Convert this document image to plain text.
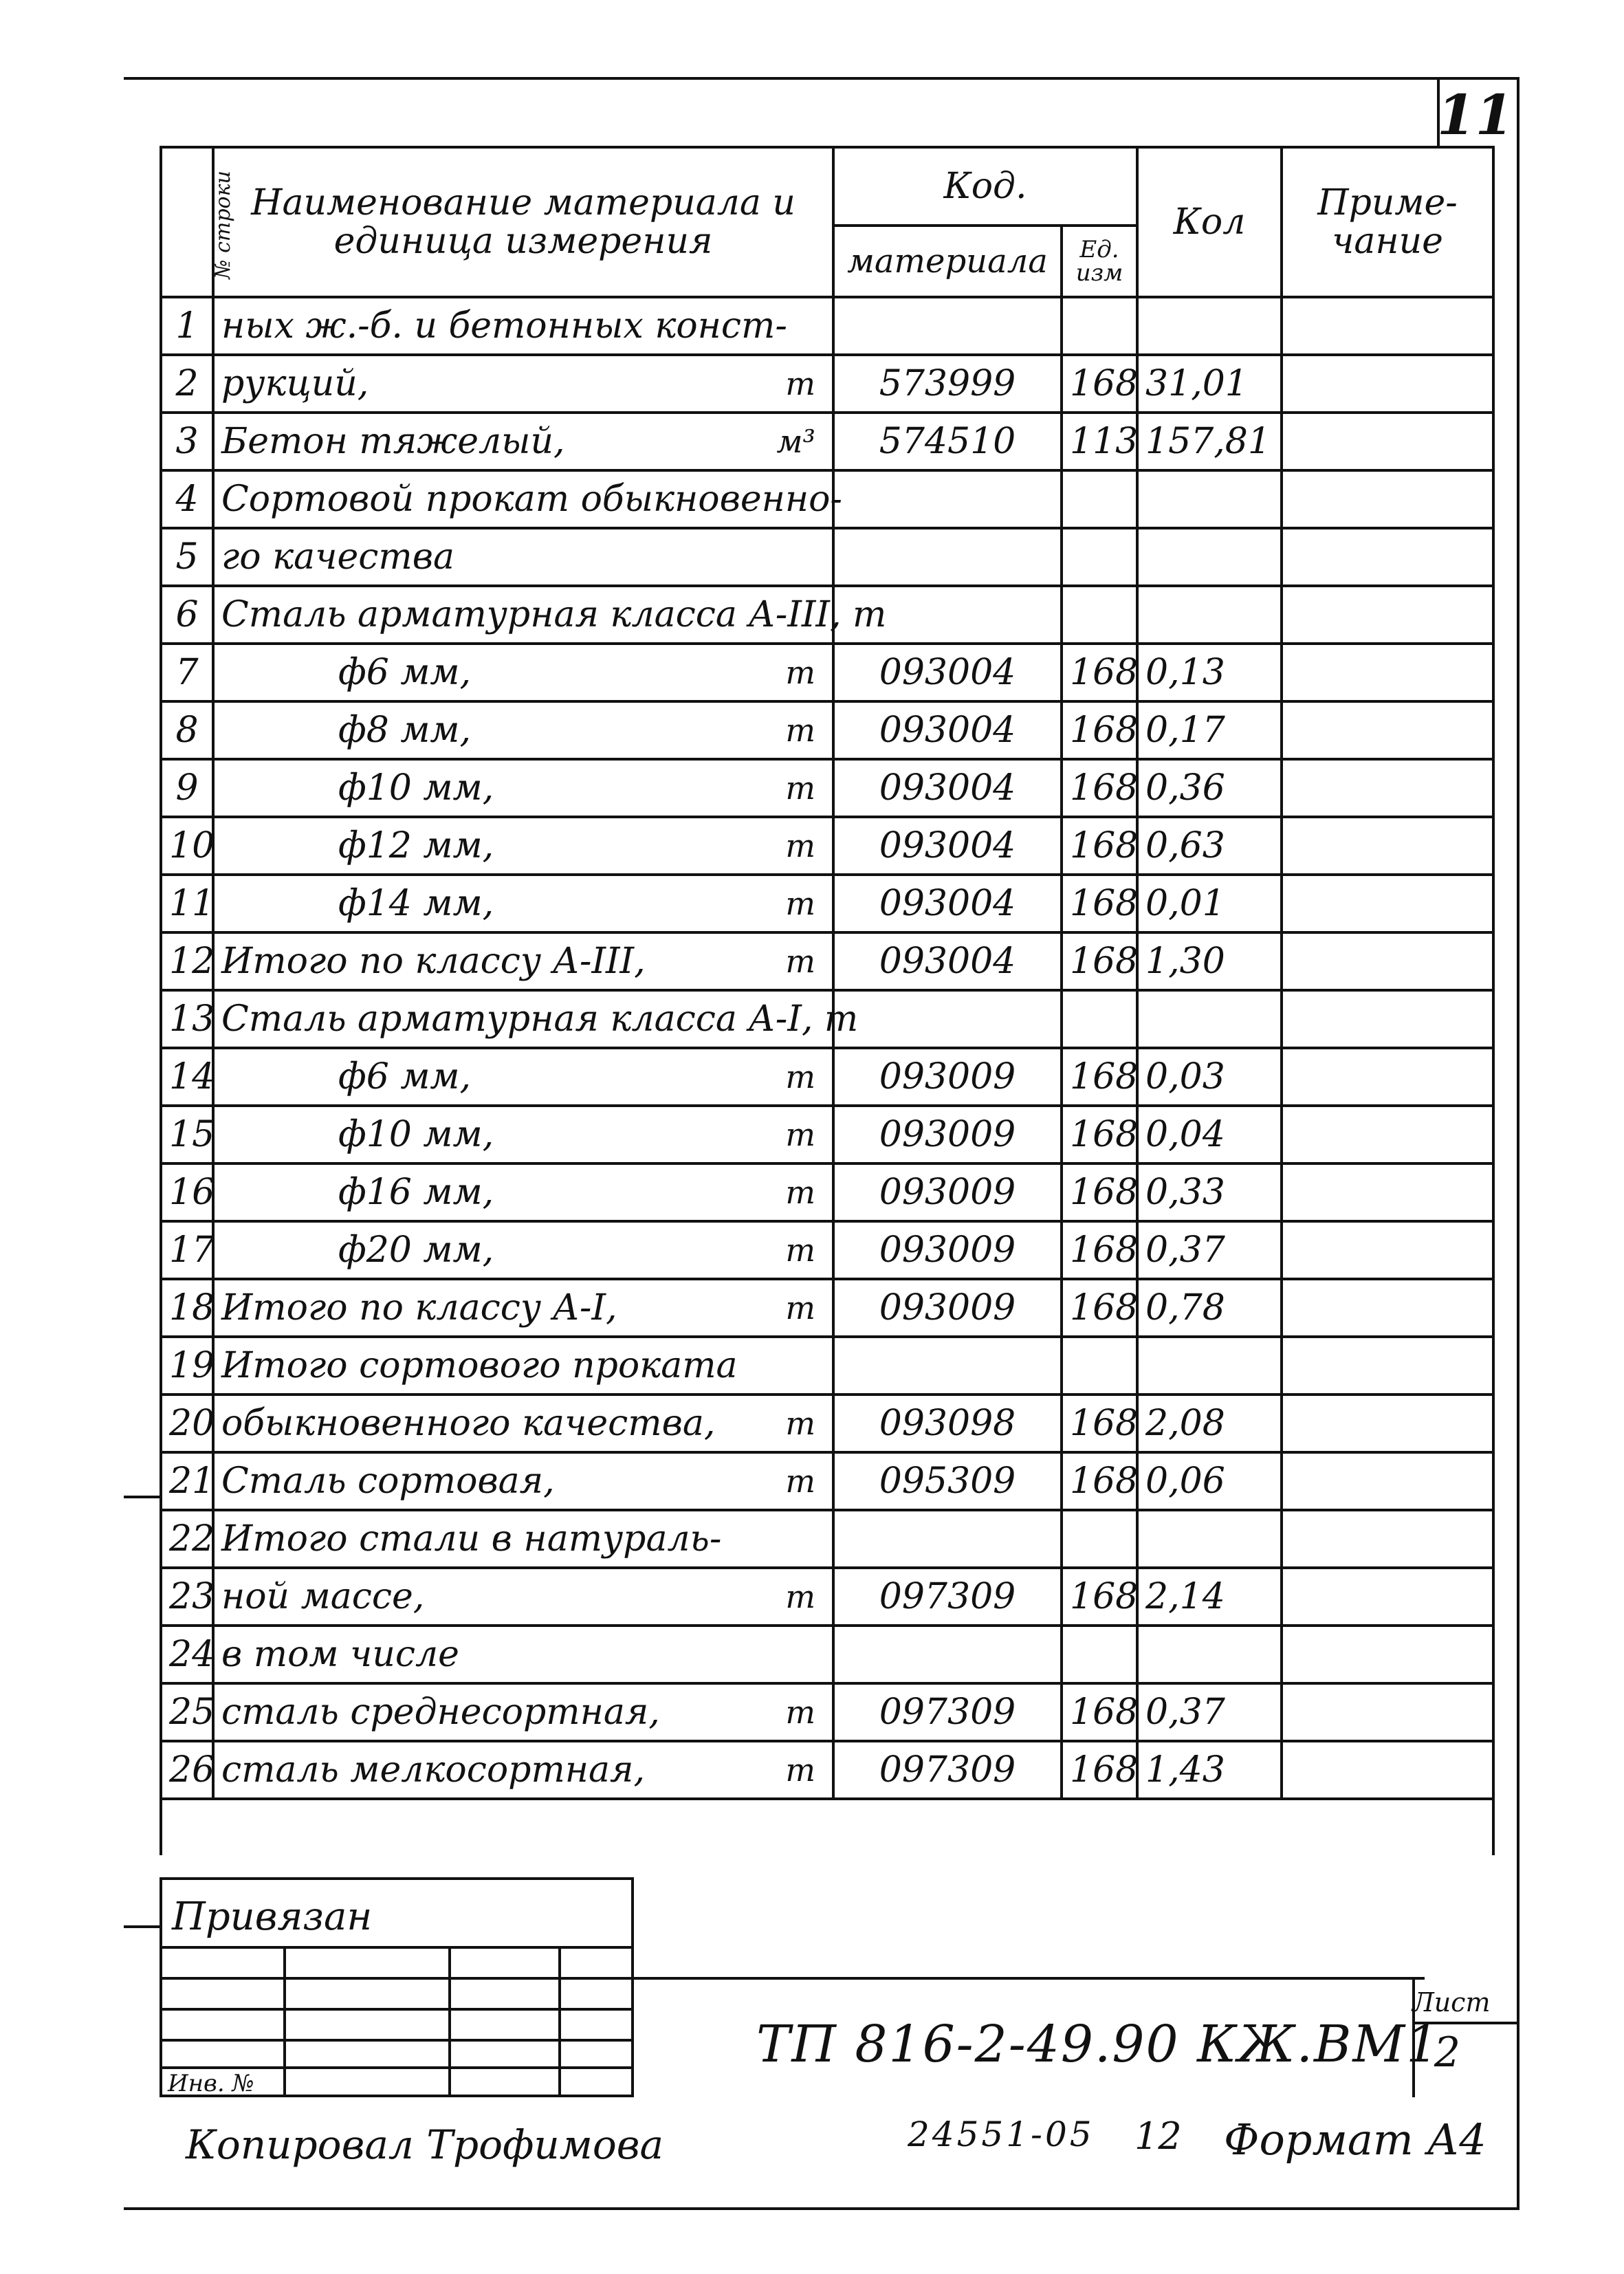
11
№ строки	Наименование материала и единица измерения	Код.		Кол	Приме- чание
		материала	Ед. изм		
1	ных ж.-б. и бетонных конст-

2	рукций, т	573999	168	31,01	
3	Бетон тяжелый, м³	574510	113	157,81	
4	Сортовой прокат обыкновенно-

5	го качества

6	Сталь арматурная класса А-III, т

7	ф6 мм, т	093004	168	0,13	
8	ф8 мм, т	093004	168	0,17	
9	ф10 мм, т	093004	168	0,36	
10	ф12 мм, т	093004	168	0,63	
11	ф14 мм, т	093004	168	0,01	
12	Итого по классу А-III, т	093004	168	1,30	
13	Сталь арматурная класса А-I, т

14	ф6 мм, т	093009	168	0,03	
15	ф10 мм, т	093009	168	0,04	
16	ф16 мм, т	093009	168	0,33	
17	ф20 мм, т	093009	168	0,37	
18	Итого по классу А-I, т	093009	168	0,78	
19	Итого сортового проката

20	обыкновенного качества, т	093098	168	2,08	
21	Сталь сортовая, т	095309	168	0,06	
22	Итого стали в натураль-

23	ной массе, т	097309	168	2,14	
24	в том числе

25	сталь среднесортная, т	097309	168	0,37	
26	сталь мелкосортная, т	097309	168	1,43	

Привязан
Инв. №
ТП 816-2-49.90 КЖ.ВМ1
Лист
2
Копировал Трофимова	24551-05 12 Формат А4
